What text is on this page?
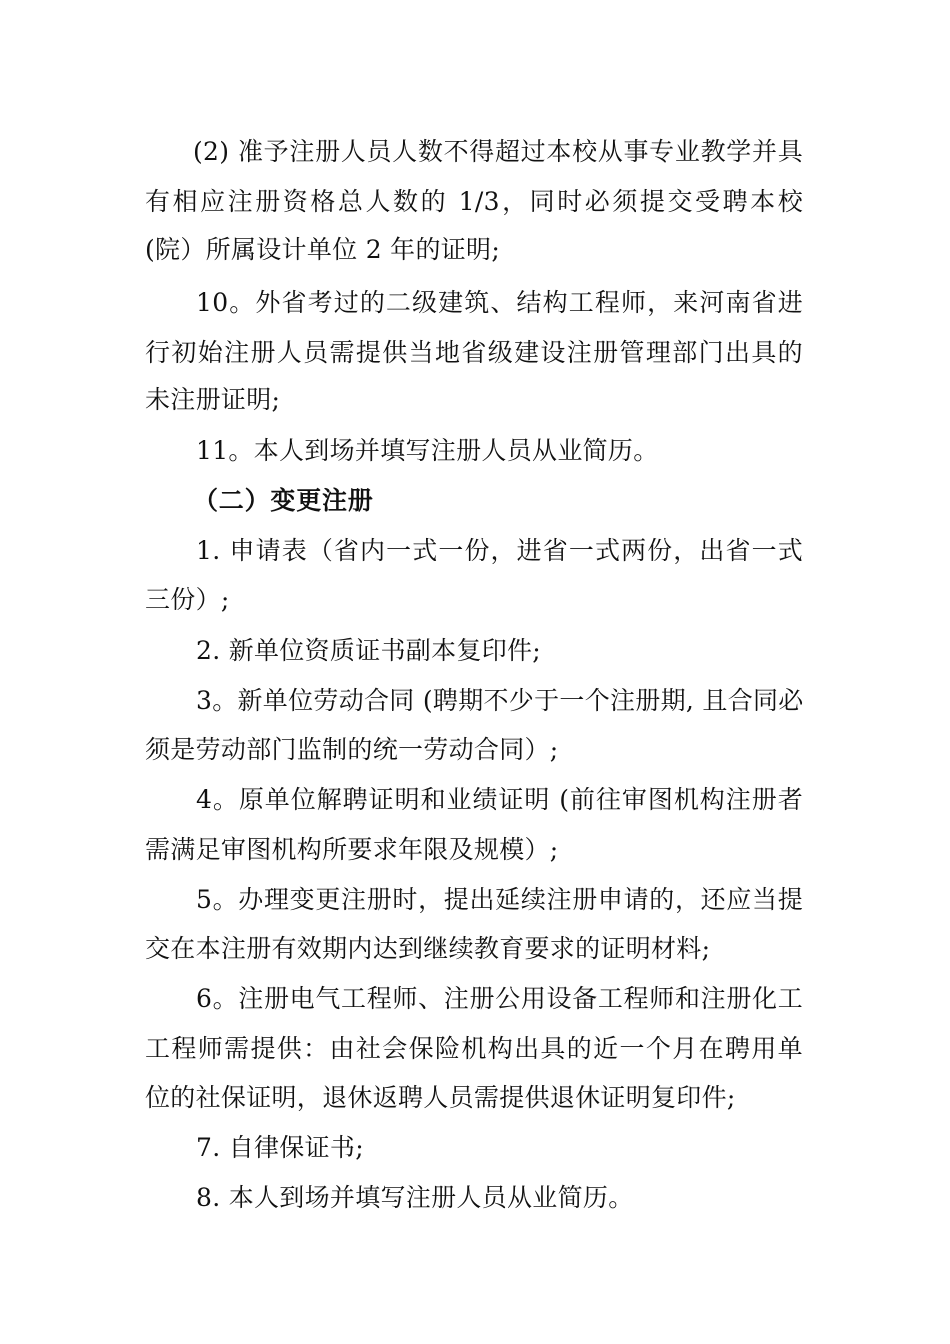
(2) 准予注册人员人数不得超过本校从事专业教学并具
有相应注册资格总人数的 1/3，同时必须提交受聘本校
(院）所属设计单位 2 年的证明;
10。外省考过的二级建筑、结构工程师，来河南省进
行初始注册人员需提供当地省级建设注册管理部门出具的
未注册证明;
11。本人到场并填写注册人员从业简历。
（二）变更注册
1. 申请表（省内一式一份，进省一式两份，出省一式
三份）;
2. 新单位资质证书副本复印件;
3。新单位劳动合同 (聘期不少于一个注册期, 且合同必
须是劳动部门监制的统一劳动合同）;
4。原单位解聘证明和业绩证明 (前往审图机构注册者
需满足审图机构所要求年限及规模）;
5。办理变更注册时，提出延续注册申请的，还应当提
交在本注册有效期内达到继续教育要求的证明材料;
6。注册电气工程师、注册公用设备工程师和注册化工
工程师需提供：由社会保险机构出具的近一个月在聘用单
位的社保证明，退休返聘人员需提供退休证明复印件;
7. 自律保证书;
8. 本人到场并填写注册人员从业简历。
